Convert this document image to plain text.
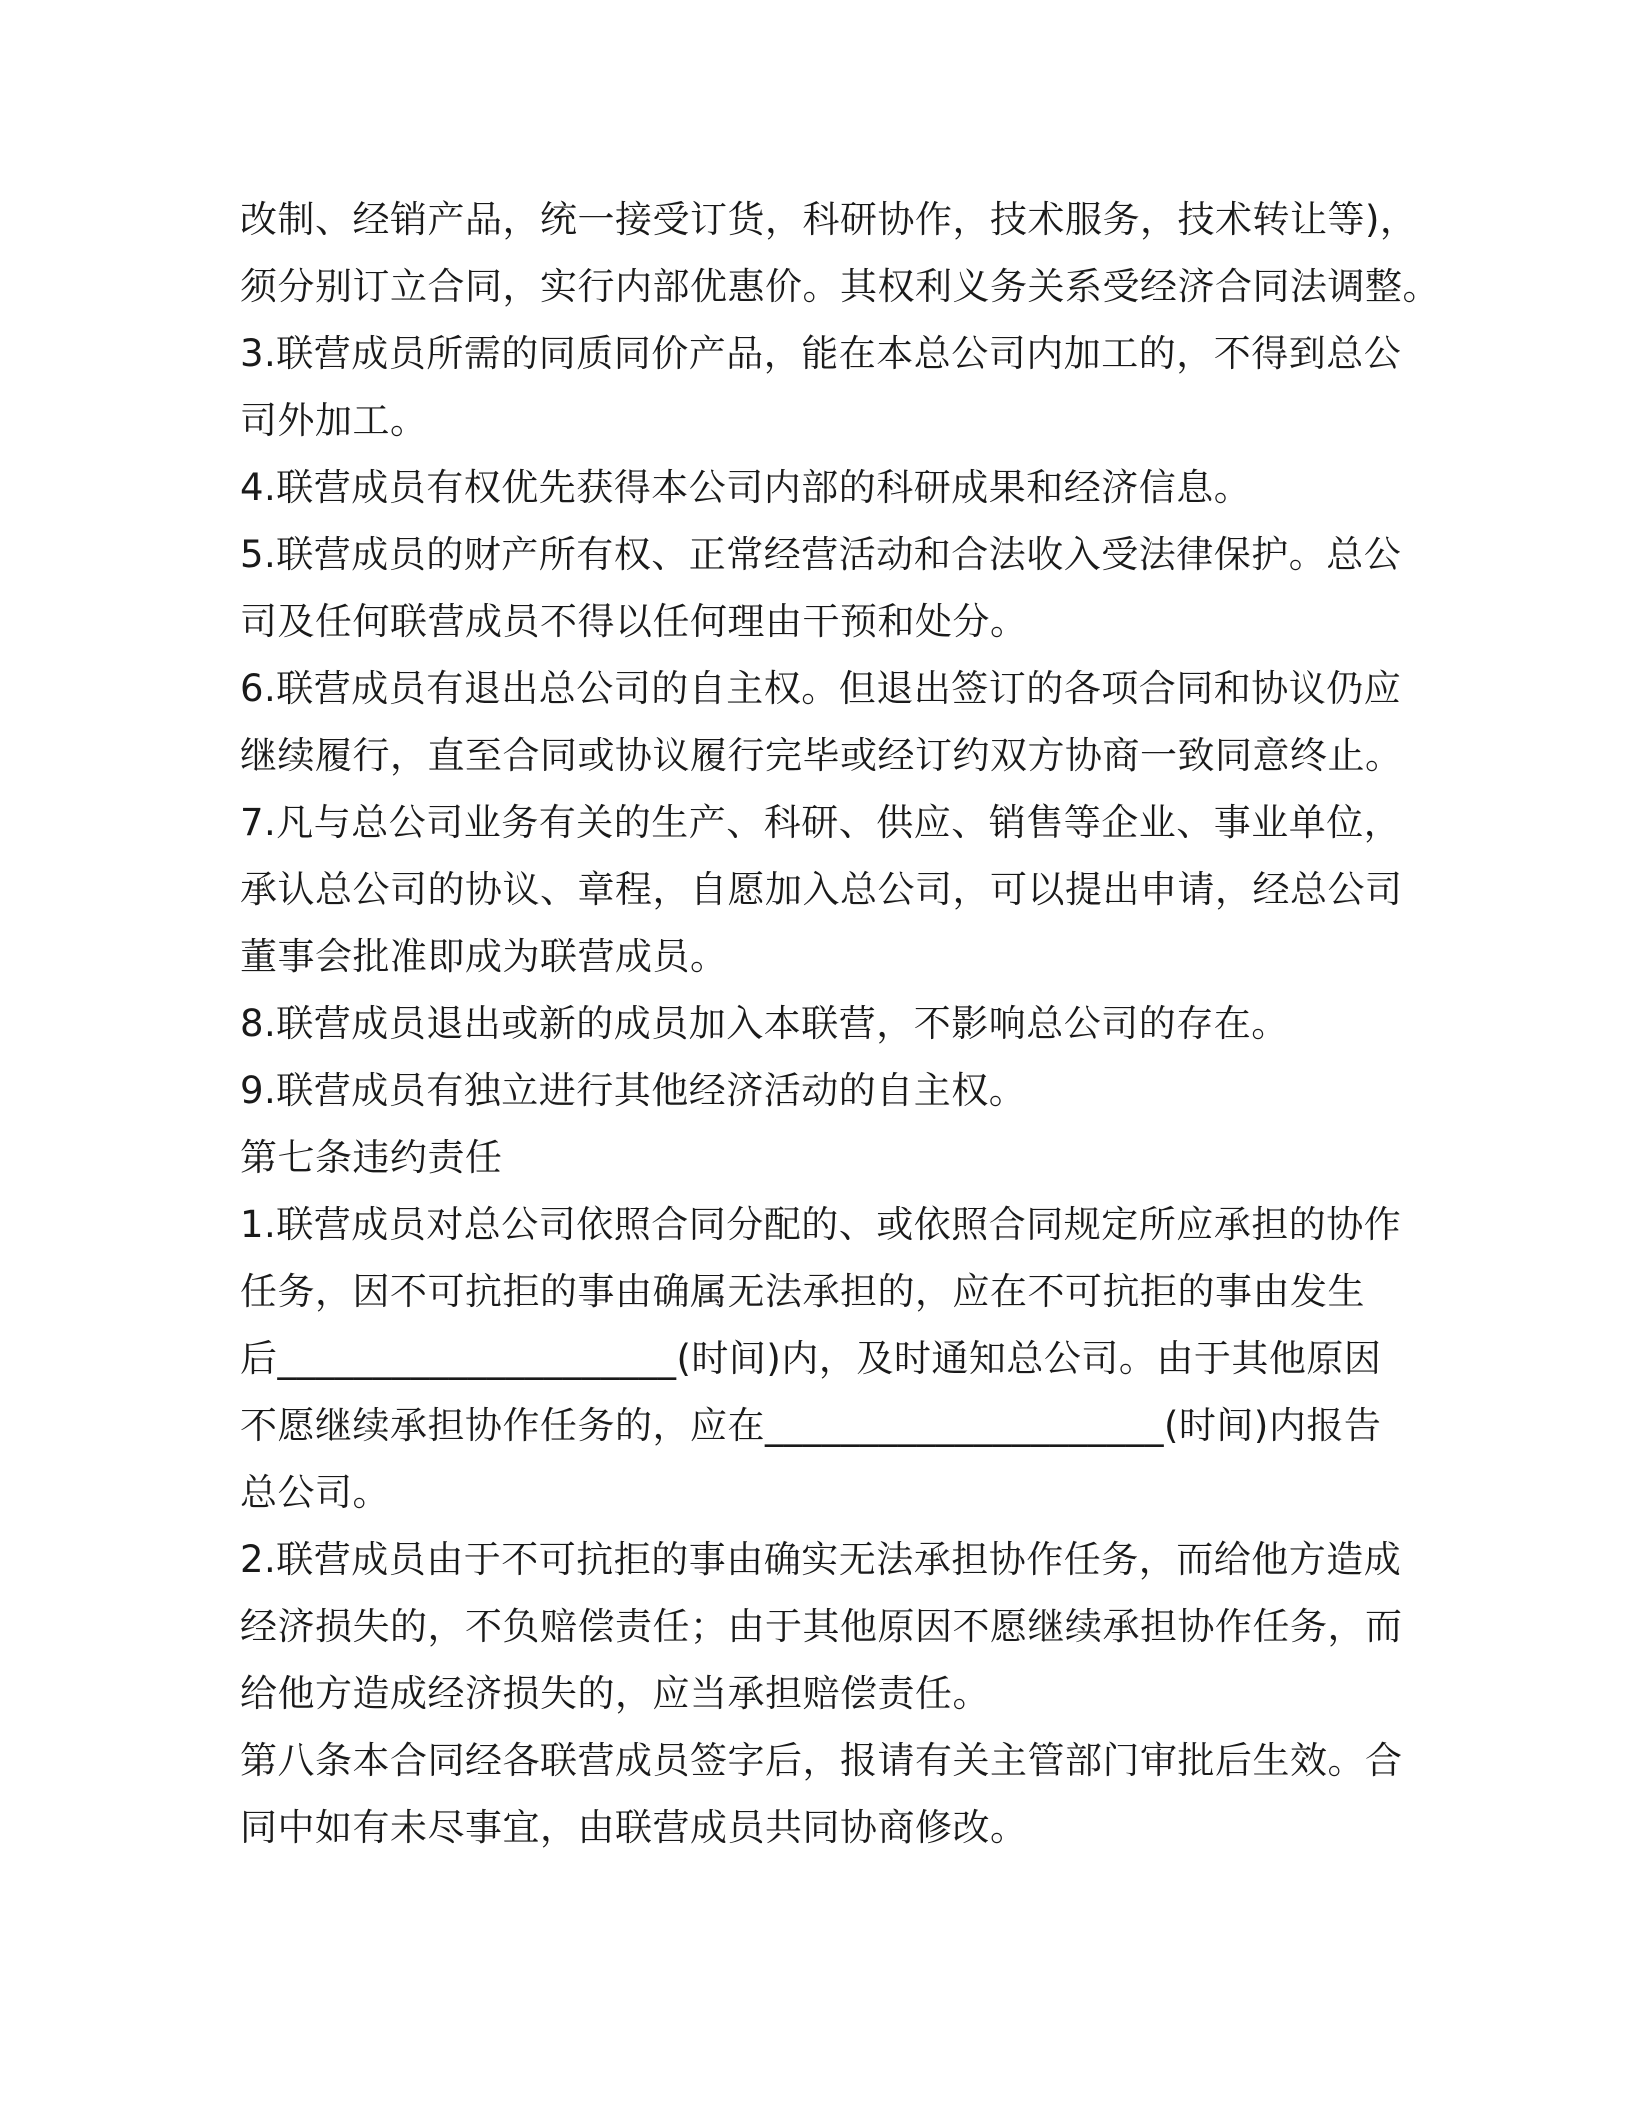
改制、经销产品，统一接受订货，科研协作，技术服务，技术转让等)，
须分别订立合同，实行内部优惠价。其权利义务关系受经济合同法调整。
3.联营成员所需的同质同价产品，能在本总公司内加工的，不得到总公
司外加工。
4.联营成员有权优先获得本公司内部的科研成果和经济信息。
5.联营成员的财产所有权、正常经营活动和合法收入受法律保护。总公
司及任何联营成员不得以任何理由干预和处分。
6.联营成员有退出总公司的自主权。但退出签订的各项合同和协议仍应
继续履行，直至合同或协议履行完毕或经订约双方协商一致同意终止。
7.凡与总公司业务有关的生产、科研、供应、销售等企业、事业单位，
承认总公司的协议、章程，自愿加入总公司，可以提出申请，经总公司
董事会批准即成为联营成员。
8.联营成员退出或新的成员加入本联营，不影响总公司的存在。
9.联营成员有独立进行其他经济活动的自主权。
第七条违约责任
1.联营成员对总公司依照合同分配的、或依照合同规定所应承担的协作
任务，因不可抗拒的事由确属无法承担的，应在不可抗拒的事由发生
后_____________________(时间)内，及时通知总公司。由于其他原因
不愿继续承担协作任务的，应在_____________________(时间)内报告
总公司。
2.联营成员由于不可抗拒的事由确实无法承担协作任务，而给他方造成
经济损失的，不负赔偿责任；由于其他原因不愿继续承担协作任务，而
给他方造成经济损失的，应当承担赔偿责任。
第八条本合同经各联营成员签字后，报请有关主管部门审批后生效。合
同中如有未尽事宜，由联营成员共同协商修改。
